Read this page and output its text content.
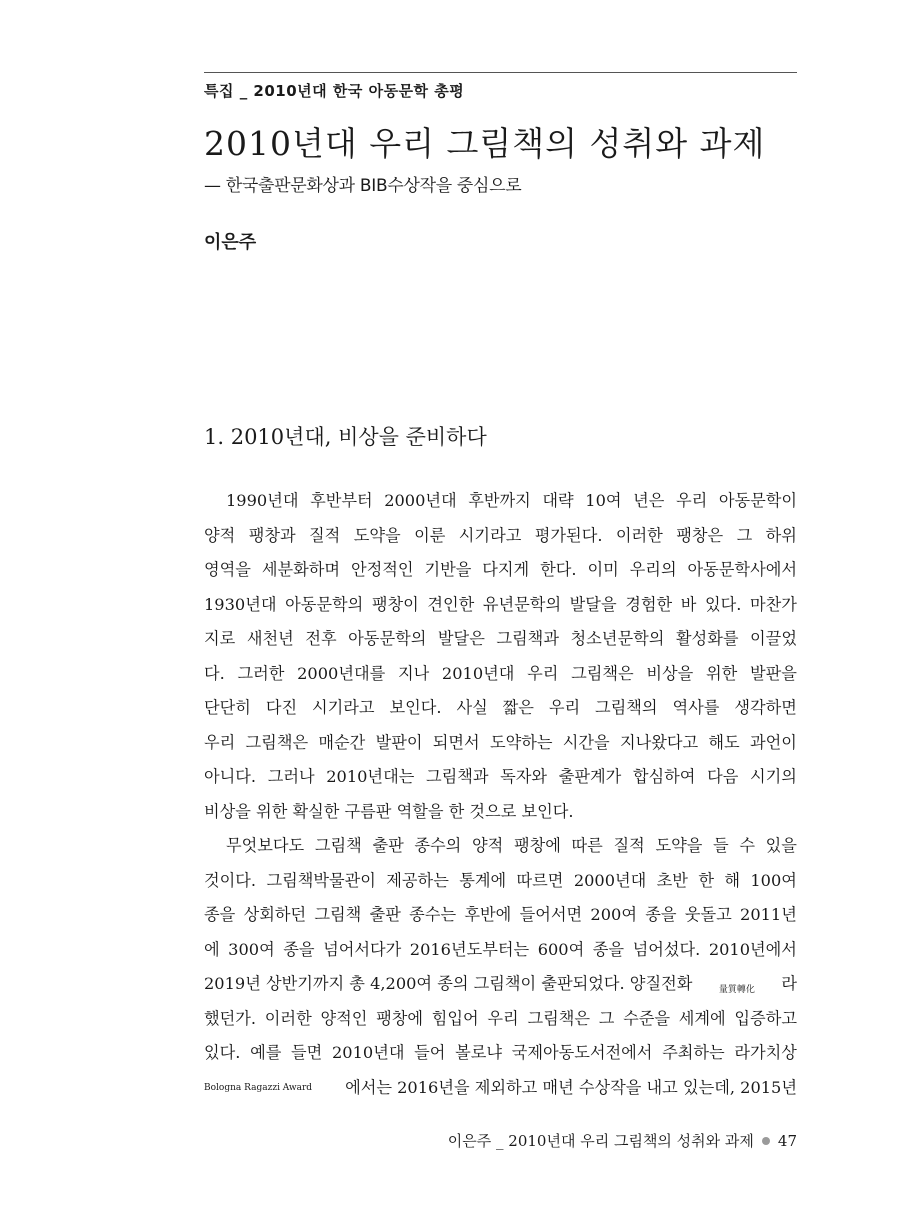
특집 _ 2010년대 한국 아동문학 총평
2010년대 우리 그림책의 성취와 과제
— 한국출판문화상과 BIB수상작을 중심으로
이은주
1. 2010년대, 비상을 준비하다
1990년대 후반부터 2000년대 후반까지 대략 10여 년은 우리 아동문학이
양적 팽창과 질적 도약을 이룬 시기라고 평가된다. 이러한 팽창은 그 하위
영역을 세분화하며 안정적인 기반을 다지게 한다. 이미 우리의 아동문학사에서
1930년대 아동문학의 팽창이 견인한 유년문학의 발달을 경험한 바 있다. 마찬가
지로 새천년 전후 아동문학의 발달은 그림책과 청소년문학의 활성화를 이끌었
다. 그러한 2000년대를 지나 2010년대 우리 그림책은 비상을 위한 발판을
단단히 다진 시기라고 보인다. 사실 짧은 우리 그림책의 역사를 생각하면
우리 그림책은 매순간 발판이 되면서 도약하는 시간을 지나왔다고 해도 과언이
아니다. 그러나 2010년대는 그림책과 독자와 출판계가 합심하여 다음 시기의
비상을 위한 확실한 구름판 역할을 한 것으로 보인다.
무엇보다도 그림책 출판 종수의 양적 팽창에 따른 질적 도약을 들 수 있을
것이다. 그림책박물관이 제공하는 통계에 따르면 2000년대 초반 한 해 100여
종을 상회하던 그림책 출판 종수는 후반에 들어서면 200여 종을 웃돌고 2011년
에 300여 종을 넘어서다가 2016년도부터는 600여 종을 넘어섰다. 2010년에서
2019년 상반기까지 총 4,200여 종의 그림책이 출판되었다. 양질전화	量質轉化 라
했던가. 이러한 양적인 팽창에 힘입어 우리 그림책은 그 수준을 세계에 입증하고
있다. 예를 들면 2010년대 들어 볼로냐 국제아동도서전에서 주최하는 라가치상
Bologna Ragazzi Award 에서는 2016년을 제외하고 매년 수상작을 내고 있는데, 2015년
이은주 _ 2010년대 우리 그림책의 성취와 과제 47
